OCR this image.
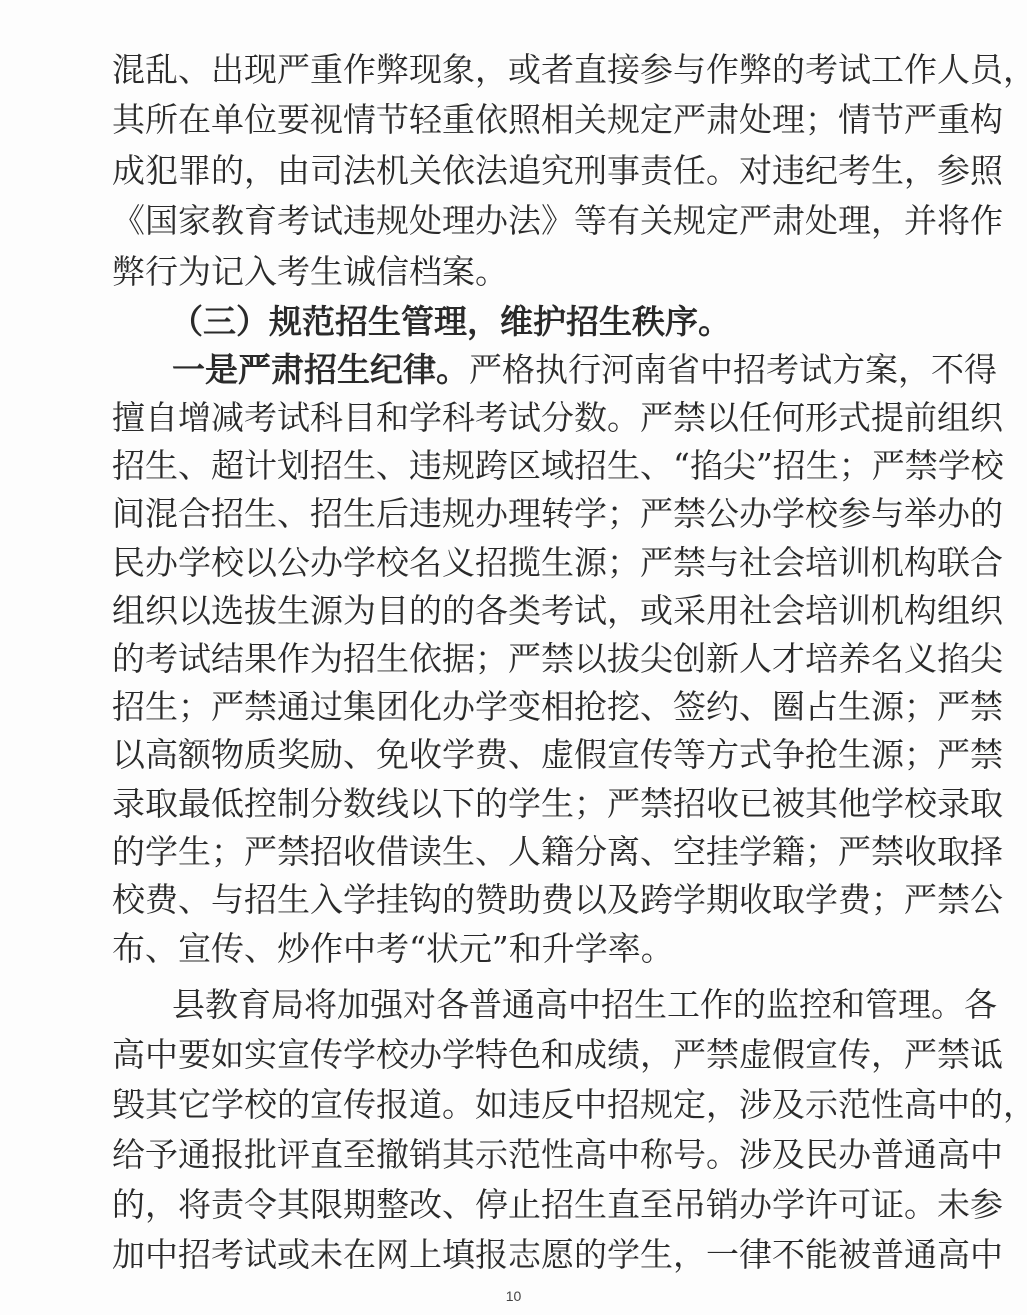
混乱、出现严重作弊现象，或者直接参与作弊的考试工作人员，
其所在单位要视情节轻重依照相关规定严肃处理；情节严重构
成犯罪的，由司法机关依法追究刑事责任。对违纪考生，参照
《国家教育考试违规处理办法》等有关规定严肃处理，并将作
弊行为记入考生诚信档案。
（三）规范招生管理，维护招生秩序。
一是严肃招生纪律。严格执行河南省中招考试方案，不得
擅自增减考试科目和学科考试分数。严禁以任何形式提前组织
招生、超计划招生、违规跨区域招生、“掐尖”招生；严禁学校
间混合招生、招生后违规办理转学；严禁公办学校参与举办的
民办学校以公办学校名义招揽生源；严禁与社会培训机构联合
组织以选拔生源为目的的各类考试，或采用社会培训机构组织
的考试结果作为招生依据；严禁以拔尖创新人才培养名义掐尖
招生；严禁通过集团化办学变相抢挖、签约、圈占生源；严禁
以高额物质奖励、免收学费、虚假宣传等方式争抢生源；严禁
录取最低控制分数线以下的学生；严禁招收已被其他学校录取
的学生；严禁招收借读生、人籍分离、空挂学籍；严禁收取择
校费、与招生入学挂钩的赞助费以及跨学期收取学费；严禁公
布、宣传、炒作中考“状元”和升学率。
县教育局将加强对各普通高中招生工作的监控和管理。各
高中要如实宣传学校办学特色和成绩，严禁虚假宣传，严禁诋
毁其它学校的宣传报道。如违反中招规定，涉及示范性高中的，
给予通报批评直至撤销其示范性高中称号。涉及民办普通高中
的，将责令其限期整改、停止招生直至吊销办学许可证。未参
加中招考试或未在网上填报志愿的学生，一律不能被普通高中
10
